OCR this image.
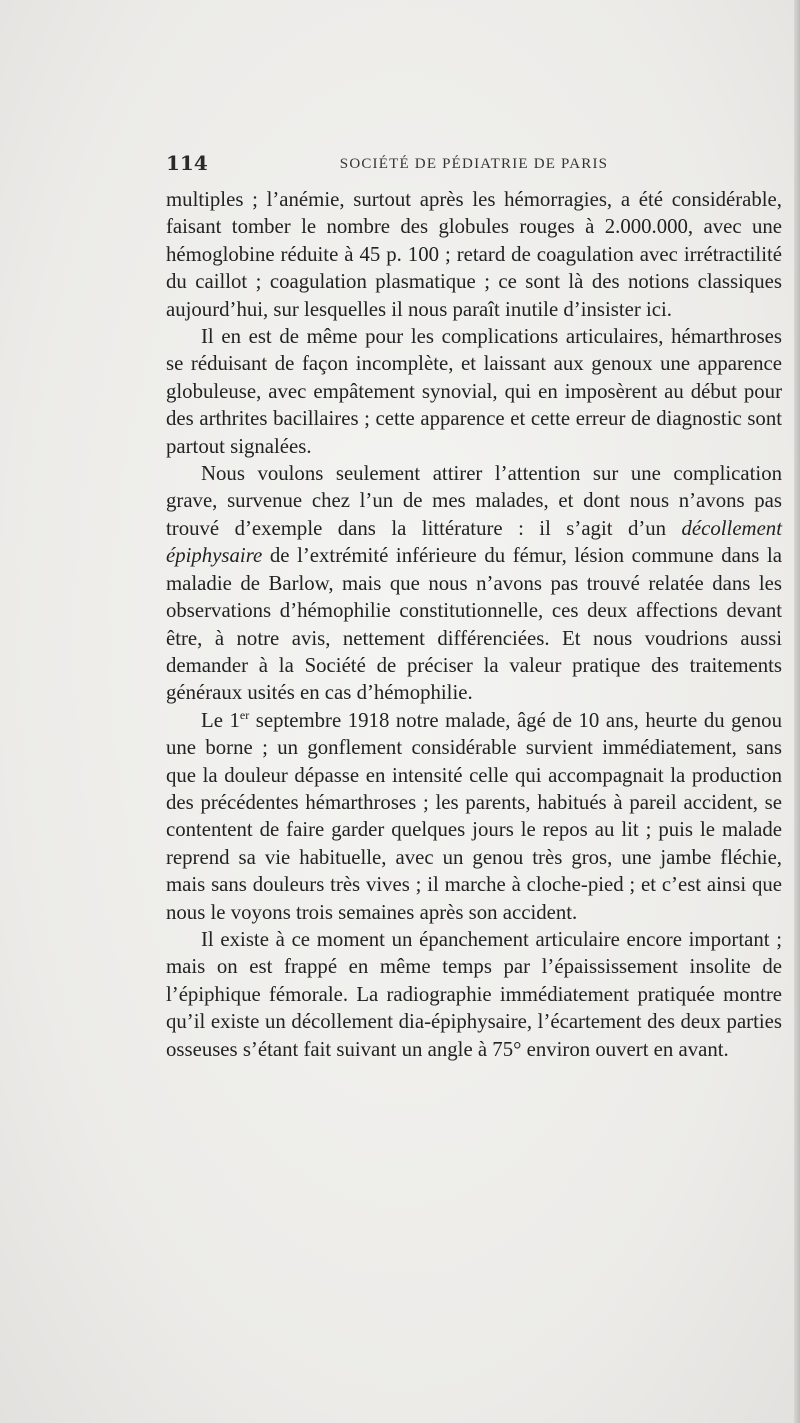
114	SOCIÉTÉ DE PÉDIATRIE DE PARIS

multiples ; l’anémie, surtout après les hémorragies, a été considérable, faisant tomber le nombre des globules rouges à 2.000.000, avec une hémoglobine réduite à 45 p. 100 ; retard de coagulation avec irrétractilité du caillot ; coagulation plasmatique ; ce sont là des notions classiques aujourd’hui, sur lesquelles il nous paraît inutile d’insister ici.

Il en est de même pour les complications articulaires, hémarthroses se réduisant de façon incomplète, et laissant aux genoux une apparence globuleuse, avec empâtement synovial, qui en imposèrent au début pour des arthrites bacillaires ; cette apparence et cette erreur de diagnostic sont partout signalées.

Nous voulons seulement attirer l’attention sur une complication grave, survenue chez l’un de mes malades, et dont nous n’avons pas trouvé d’exemple dans la littérature : il s’agit d’un décollement épiphysaire de l’extrémité inférieure du fémur, lésion commune dans la maladie de Barlow, mais que nous n’avons pas trouvé relatée dans les observations d’hémophilie constitutionnelle, ces deux affections devant être, à notre avis, nettement différenciées. Et nous voudrions aussi demander à la Société de préciser la valeur pratique des traitements généraux usités en cas d’hémophilie.

Le 1er septembre 1918 notre malade, âgé de 10 ans, heurte du genou une borne ; un gonflement considérable survient immédiatement, sans que la douleur dépasse en intensité celle qui accompagnait la production des précédentes hémarthroses ; les parents, habitués à pareil accident, se contentent de faire garder quelques jours le repos au lit ; puis le malade reprend sa vie habituelle, avec un genou très gros, une jambe fléchie, mais sans douleurs très vives ; il marche à cloche-pied ; et c’est ainsi que nous le voyons trois semaines après son accident.

Il existe à ce moment un épanchement articulaire encore important ; mais on est frappé en même temps par l’épaississement insolite de l’épiphique fémorale. La radiographie immédiatement pratiquée montre qu’il existe un décollement dia-épiphysaire, l’écartement des deux parties osseuses s’étant fait suivant un angle à 75° environ ouvert en avant.
